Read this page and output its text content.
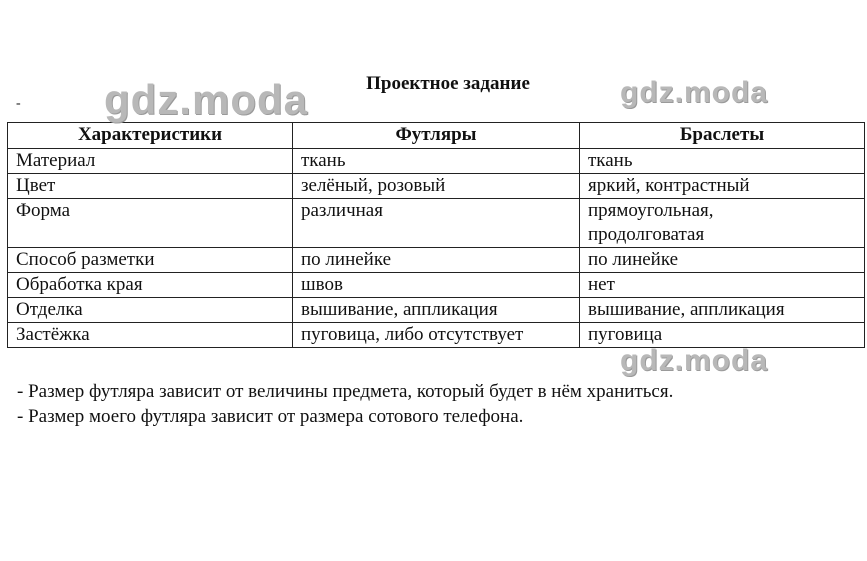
Проектное задание
-
Характеристики	Футляры	Браслеты
Материал	ткань	ткань
Цвет	зелёный, розовый	яркий, контрастный
Форма	различная	прямоугольная,
продолговатая

Способ разметки	по линейке	по линейке
Обработка края	швов	нет
Отделка	вышивание, аппликация	вышивание, аппликация
Застёжка	пуговица, либо отсутствует	пуговица
- Размер футляра зависит от величины предмета, который будет в нём храниться.
- Размер моего футляра зависит от размера сотового телефона.
gdz.moda	gdz.moda
gdz.moda
